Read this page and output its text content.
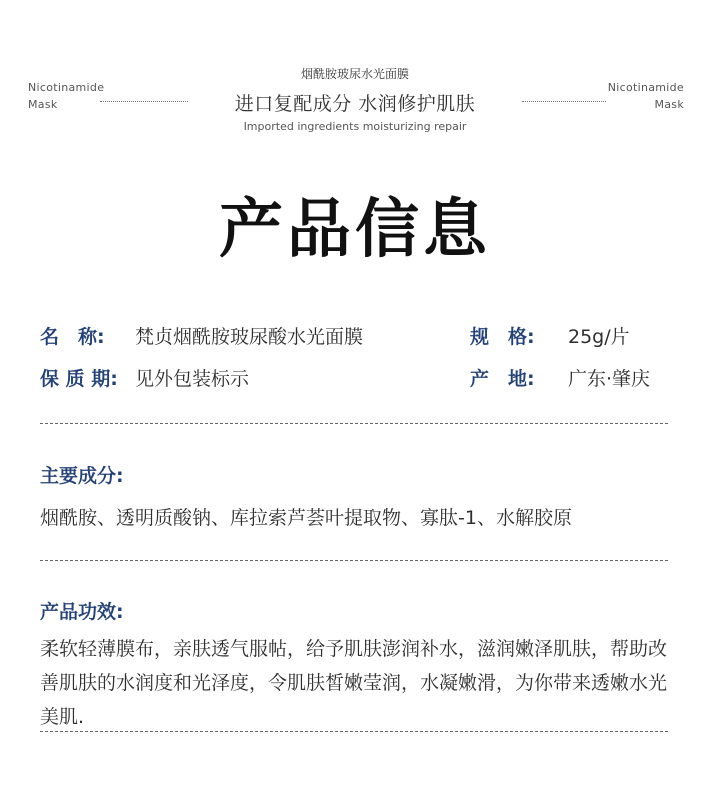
Nicotinamide
Mask
Nicotinamide
Mask
烟酰胺玻尿水光面膜
进口复配成分 水润修护肌肤
Imported ingredients moisturizing repair
产品信息
名　称: 梵贞烟酰胺玻尿酸水光面膜
保 质 期: 见外包装标示
规　格: 25g/片
产　地: 广东·肇庆
主要成分:
烟酰胺、透明质酸钠、库拉索芦荟叶提取物、寡肽-1、水解胶原
产品功效:
柔软轻薄膜布，亲肤透气服帖，给予肌肤澎润补水，滋润嫩泽肌肤，帮助改善肌肤的水润度和光泽度，令肌肤皙嫩莹润，水凝嫩滑，为你带来透嫩水光美肌.
